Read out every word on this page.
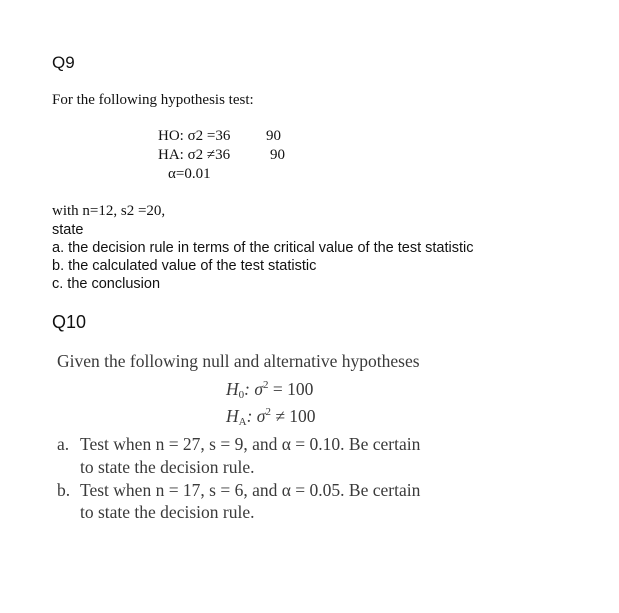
Q9
For the following hypothesis test:
HO: σ2 =36 90
HA: σ2 ≠36	90
α=0.01
with n=12, s2 =20,
state
a. the decision rule in terms of the critical value of the test statistic
b. the calculated value of the test statistic
c. the conclusion
Q10
Given the following null and alternative hypotheses
$H_0$: $\sigma^2 = 100$
$H_A$: $\sigma^2 \ne 100$
a. Test when n = 27, s = 9, and α = 0.10. Be certain
to state the decision rule.
b. Test when n = 17, s = 6, and α = 0.05. Be certain
to state the decision rule.
